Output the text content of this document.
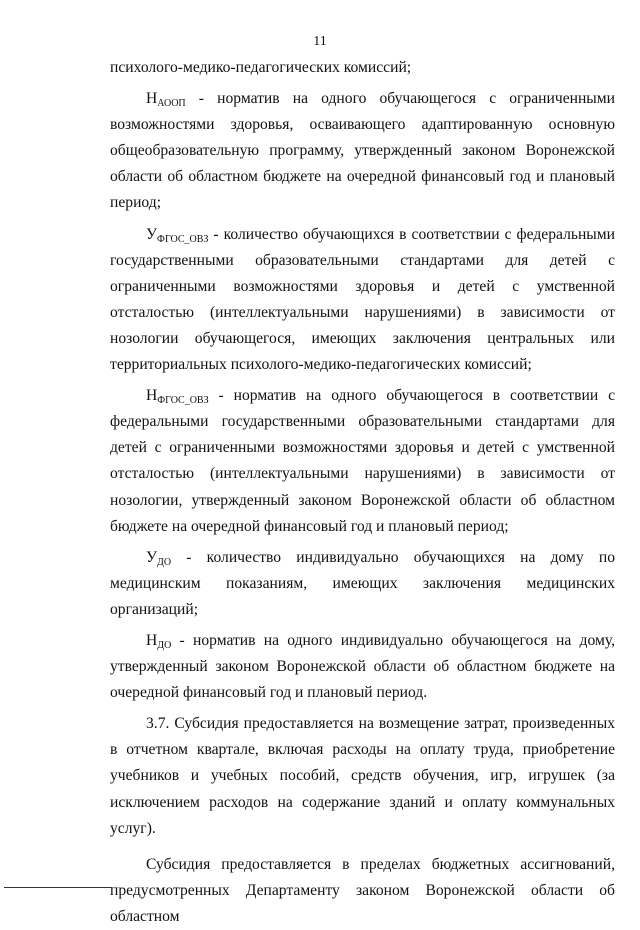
11

психолого-медико-педагогических комиссий;

$Н_{АООП}$ - норматив на одного обучающегося с ограниченными возможностями здоровья, осваивающего адаптированную основную общеобразовательную программу, утвержденный законом Воронежской области об областном бюджете на очередной финансовый год и плановый период;

$У_{ФГОС\_ОВЗ}$ - количество обучающихся в соответствии с федеральными государственными образовательными стандартами для детей с ограниченными возможностями здоровья и детей с умственной отсталостью (интеллектуальными нарушениями) в зависимости от нозологии обучающегося, имеющих заключения центральных или территориальных психолого-медико-педагогических комиссий;

$Н_{ФГОС\_ОВЗ}$ - норматив на одного обучающегося в соответствии с федеральными государственными образовательными стандартами для детей с ограниченными возможностями здоровья и детей с умственной отсталостью (интеллектуальными нарушениями) в зависимости от нозологии, утвержденный законом Воронежской области об областном бюджете на очередной финансовый год и плановый период;

$У_{ДО}$ - количество индивидуально обучающихся на дому по медицинским показаниям, имеющих заключения медицинских организаций;

$Н_{ДО}$ - норматив на одного индивидуально обучающегося на дому, утвержденный законом Воронежской области об областном бюджете на очередной финансовый год и плановый период.

3.7. Субсидия предоставляется на возмещение затрат, произведенных в отчетном квартале, включая расходы на оплату труда, приобретение учебников и учебных пособий, средств обучения, игр, игрушек (за исключением расходов на содержание зданий и оплату коммунальных услуг).

Субсидия предоставляется в пределах бюджетных ассигнований, предусмотренных Департаменту законом Воронежской области об областном
